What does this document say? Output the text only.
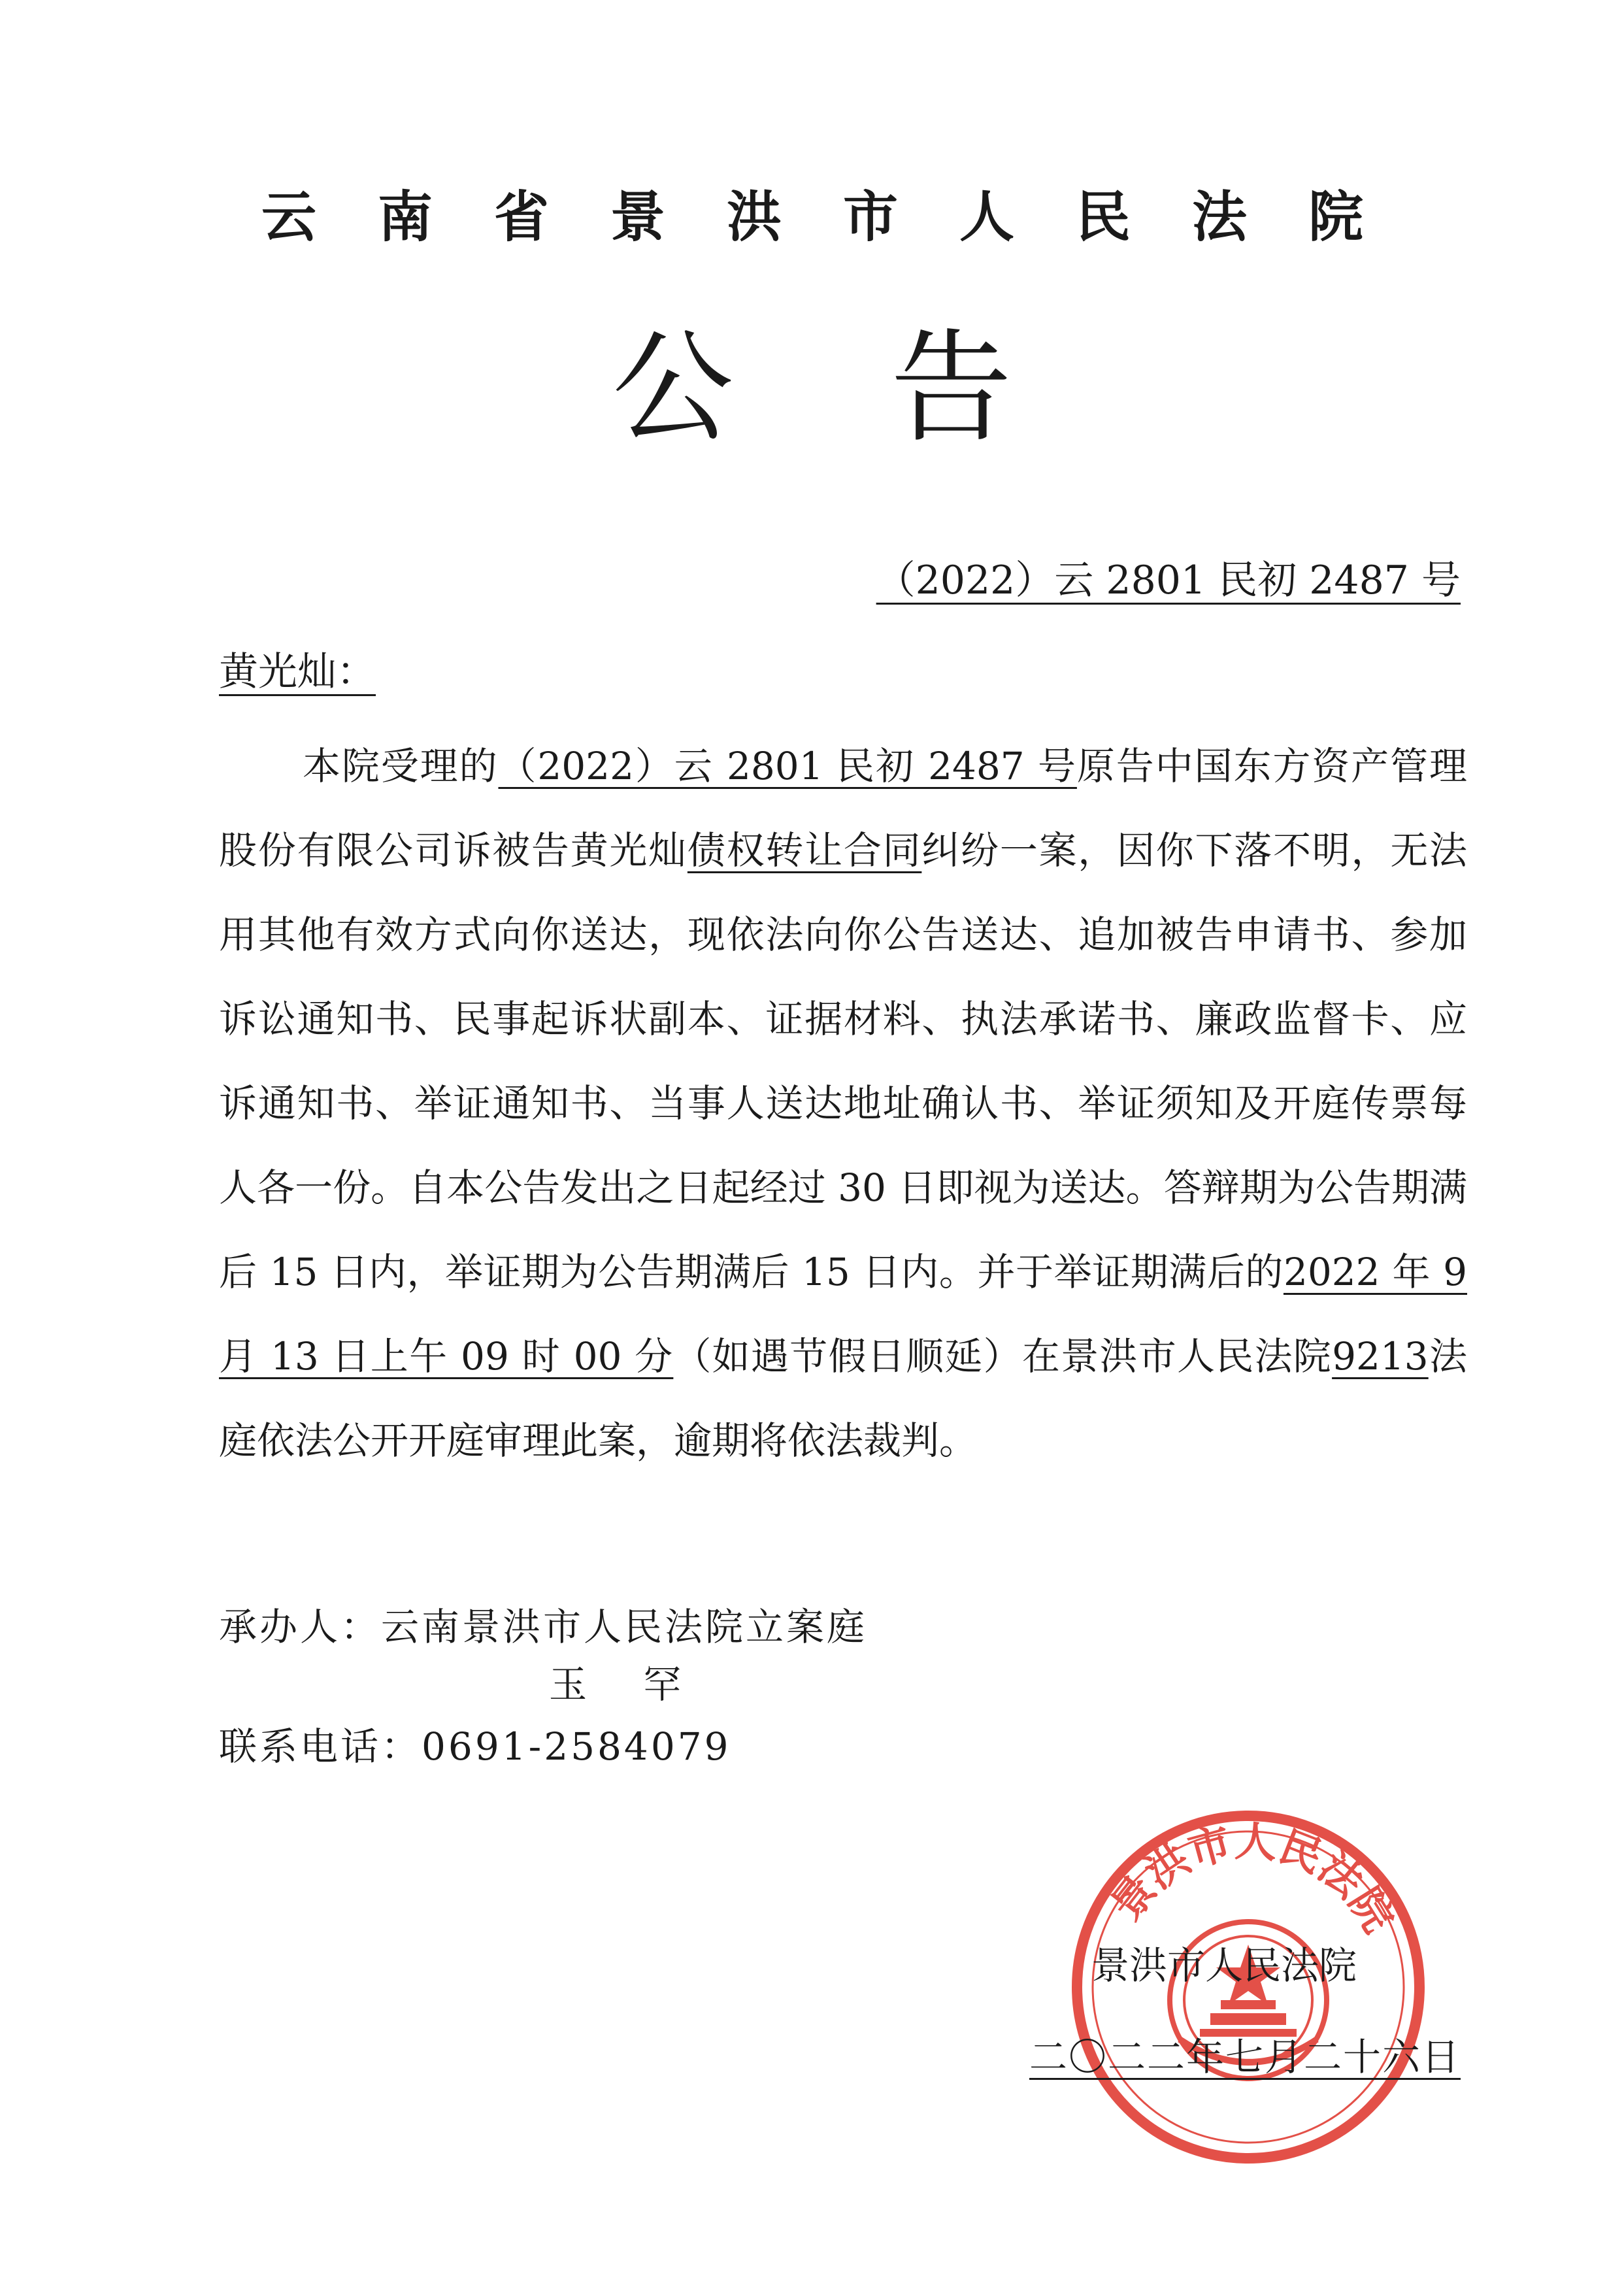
云南省景洪市人民法院
公告
（2022）云 2801 民初 2487 号
黄光灿：

本院受理的（2022）云 2801 民初 2487 号原告中国东方资产管理股份有限公司诉被告黄光灿债权转让合同纠纷一案，因你下落不明，无法用其他有效方式向你送达，现依法向你公告送达、追加被告申请书、参加诉讼通知书、民事起诉状副本、证据材料、执法承诺书、廉政监督卡、应诉通知书、举证通知书、当事人送达地址确认书、举证须知及开庭传票每人各一份。自本公告发出之日起经过 30 日即视为送达。答辩期为公告期满后 15 日内，举证期为公告期满后 15 日内。并于举证期满后的2022 年 9 月 13 日上午 09 时 00 分（如遇节假日顺延）在景洪市人民法院9213法庭依法公开开庭审理此案，逾期将依法裁判。

承办人：云南景洪市人民法院立案庭
玉 罕
联系电话：0691-2584079
景洪市人民法院
景洪市人民法院
二〇二二年七月二十六日
